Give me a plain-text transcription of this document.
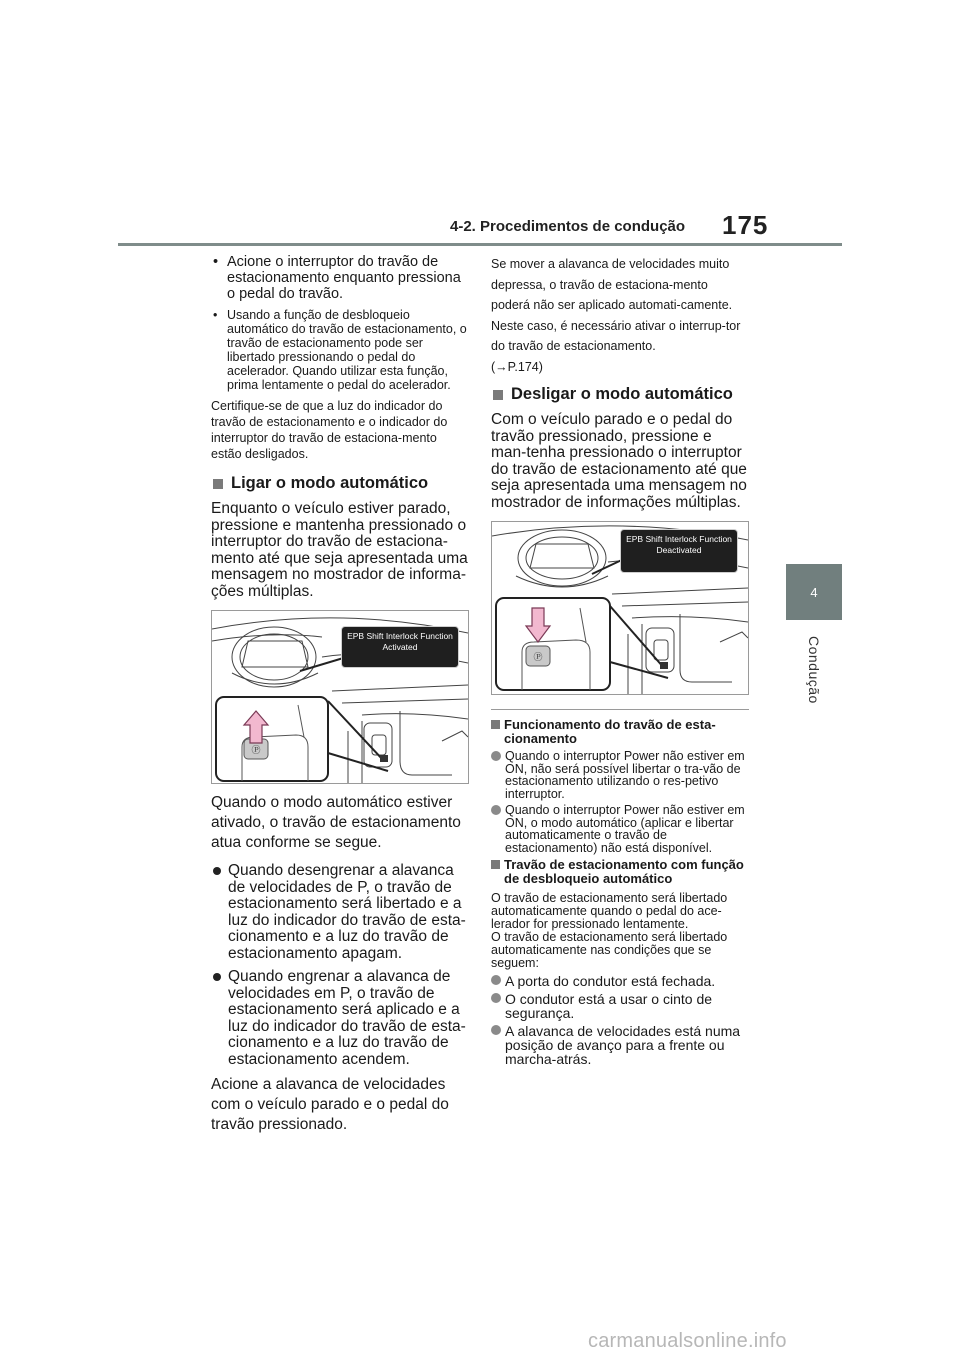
4-2. Procedimentos de condução 175
4
Condução
• Acione o interruptor do travão de estacionamento enquanto pressiona o pedal do travão.
• Usando a função de desbloqueio automático do travão de estacionamento, o travão de estacionamento pode ser libertado pressionando o pedal do acelerador. Quando utilizar esta função, prima lentamente o pedal do acelerador.

Certifique-se de que a luz do indicador do travão de estacionamento e o indicador do interruptor do travão de estaciona-mento estão desligados.

Ligar o modo automático

Enquanto o veículo estiver parado, pressione e mantenha pressionado o interruptor do travão de estaciona-mento até que seja apresentada uma mensagem no mostrador de informa-ções múltiplas.

Ⓟ
EPB Shift Interlock Function Activated

Quando o modo automático estiver ativado, o travão de estacionamento atua conforme se segue.

Quando desengrenar a alavanca de velocidades de P, o travão de estacionamento será libertado e a luz do indicador do travão de esta-cionamento e a luz do travão de estacionamento apagam.
Quando engrenar a alavanca de velocidades em P, o travão de estacionamento será aplicado e a luz do indicador do travão de esta-cionamento e a luz do travão de estacionamento acendem.

Acione a alavanca de velocidades com o veículo parado e o pedal do travão pressionado.

Se mover a alavanca de velocidades muito depressa, o travão de estaciona-mento poderá não ser aplicado automati-camente.

Neste caso, é necessário ativar o interrup-tor do travão de estacionamento.

(→P.174)

Desligar o modo automático

Com o veículo parado e o pedal do travão pressionado, pressione e man-tenha pressionado o interruptor do travão de estacionamento até que seja apresentada uma mensagem no mostrador de informações múltiplas.

Ⓟ
EPB Shift Interlock Function Deactivated
Funcionamento do travão de esta-cionamento
Quando o interruptor Power não estiver em ON, não será possível libertar o tra-vão de estacionamento utilizando o res-petivo interruptor.
Quando o interruptor Power não estiver em ON, o modo automático (aplicar e libertar automaticamente o travão de estacionamento) não está disponível.
Travão de estacionamento com função de desbloqueio automático

O travão de estacionamento será libertado automaticamente quando o pedal do ace-lerador for pressionado lentamente.

O travão de estacionamento será libertado automaticamente nas condições que se seguem:

A porta do condutor está fechada.
O condutor está a usar o cinto de segurança.
A alavanca de velocidades está numa posição de avanço para a frente ou marcha-atrás.
carmanualsonline.info
